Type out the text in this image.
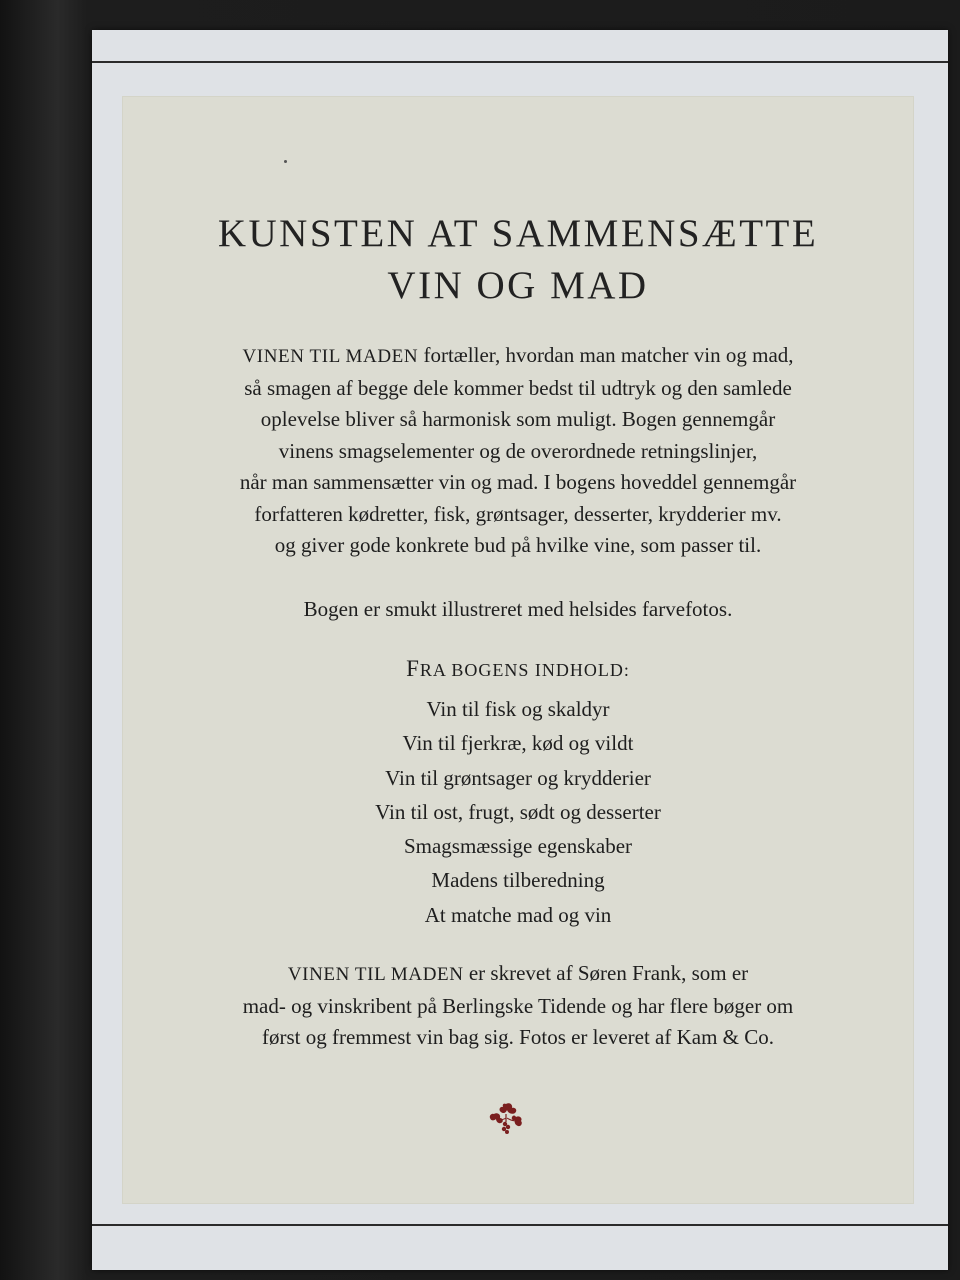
KUNSTEN AT SAMMENSÆTTE
VIN OG MAD
VINEN TIL MADEN fortæller, hvordan man matcher vin og mad,
så smagen af begge dele kommer bedst til udtryk og den samlede
oplevelse bliver så harmonisk som muligt. Bogen gennemgår
vinens smagselementer og de overordnede retningslinjer,
når man sammensætter vin og mad. I bogens hoveddel gennemgår
forfatteren kødretter, fisk, grøntsager, desserter, krydderier mv.
og giver gode konkrete bud på hvilke vine, som passer til.
Bogen er smukt illustreret med helsides farvefotos.
FRA BOGENS INDHOLD:
Vin til fisk og skaldyr
Vin til fjerkræ, kød og vildt
Vin til grøntsager og krydderier
Vin til ost, frugt, sødt og desserter
Smagsmæssige egenskaber
Madens tilberedning
At matche mad og vin
VINEN TIL MADEN er skrevet af Søren Frank, som er
mad- og vinskribent på Berlingske Tidende og har flere bøger om
først og fremmest vin bag sig. Fotos er leveret af Kam & Co.
